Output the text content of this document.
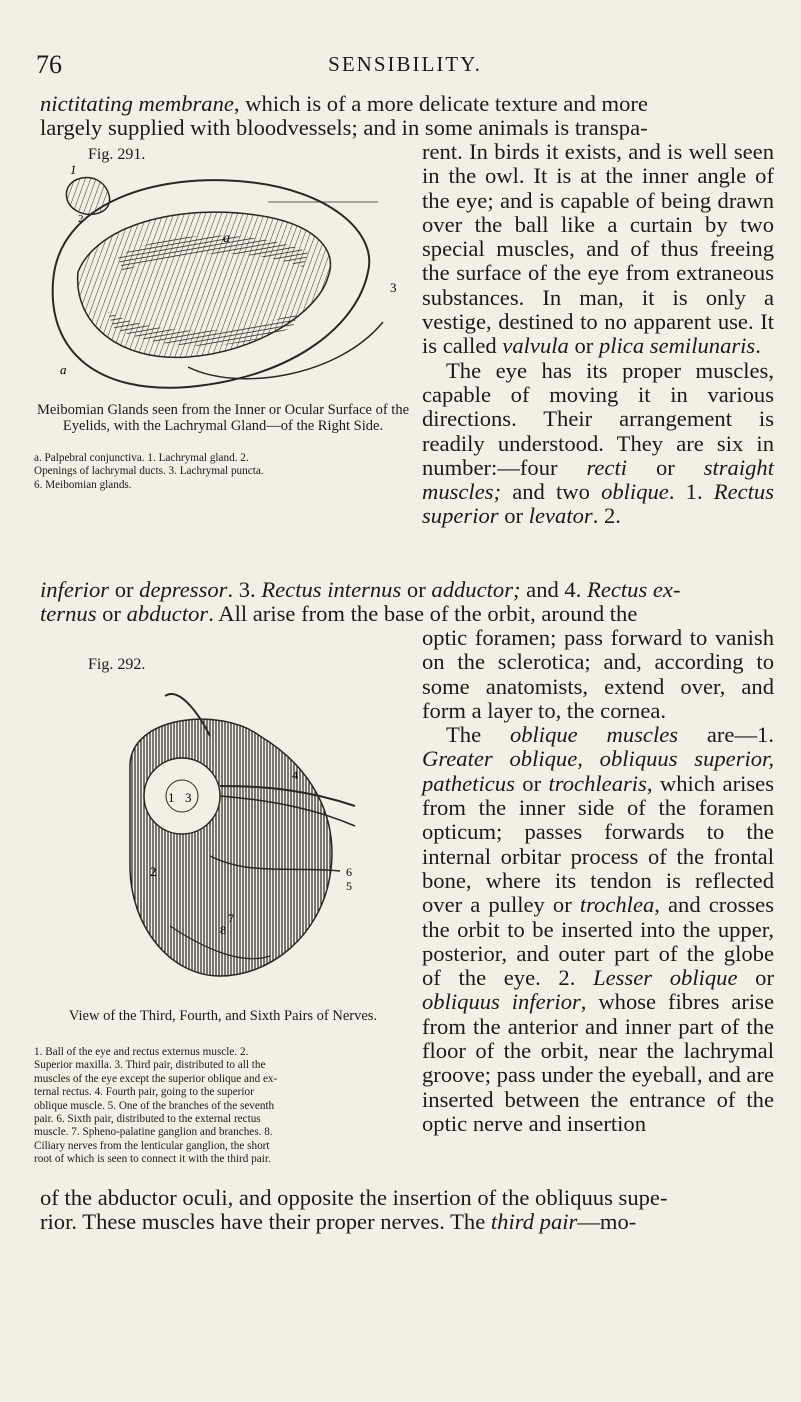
76	SENSIBILITY.
nictitating membrane, which is of a more delicate texture and more
largely supplied with bloodvessels; and in some animals is transpa-
Fig. 291.
1
a
3
a
2
Meibomian Glands seen from the Inner or Ocular Surface of the Eyelids, with the Lachrymal Gland—of the Right Side.
a. Palpebral conjunctiva. 1. Lachrymal gland. 2.
Openings of lachrymal ducts. 3. Lachrymal puncta.
6. Meibomian glands.

rent. In birds it exists, and is well seen in the owl. It is at the inner angle of the eye; and is capable of being drawn over the ball like a curtain by two special muscles, and of thus freeing the surface of the eye from extraneous substances. In man, it is only a vestige, destined to no apparent use. It is called valvula or plica semilunaris.

The eye has its proper muscles, capable of moving it in various directions. Their arrangement is readily understood. They are six in number:—four recti or straight muscles; and two oblique. 1. Rectus superior or levator. 2.

inferior or depressor. 3. Rectus internus or adductor; and 4. Rectus ex-
ternus or abductor. All arise from the base of the orbit, around the
Fig. 292.
1 3
2	6
5
7
8
4
View of the Third, Fourth, and Sixth Pairs of Nerves.
1. Ball of the eye and rectus externus muscle. 2.
Superior maxilla. 3. Third pair, distributed to all the
muscles of the eye except the superior oblique and ex-
ternal rectus. 4. Fourth pair, going to the superior
oblique muscle. 5. One of the branches of the seventh
pair. 6. Sixth pair, distributed to the external rectus
muscle. 7. Spheno-palatine ganglion and branches. 8.
Ciliary nerves from the lenticular ganglion, the short
root of which is seen to connect it with the third pair.

optic foramen; pass forward to vanish on the sclerotica; and, according to some anatomists, extend over, and form a layer to, the cornea.

The oblique muscles are—1. Greater oblique, obliquus superior, patheticus or trochlearis, which arises from the inner side of the foramen opticum; passes forwards to the internal orbitar process of the frontal bone, where its tendon is reflected over a pulley or trochlea, and crosses the orbit to be inserted into the upper, posterior, and outer part of the globe of the eye. 2. Lesser oblique or obliquus inferior, whose fibres arise from the anterior and inner part of the floor of the orbit, near the lachrymal groove; pass under the eyeball, and are inserted between the entrance of the optic nerve and insertion

of the abductor oculi, and opposite the insertion of the obliquus supe-
rior. These muscles have their proper nerves. The third pair—mo-
